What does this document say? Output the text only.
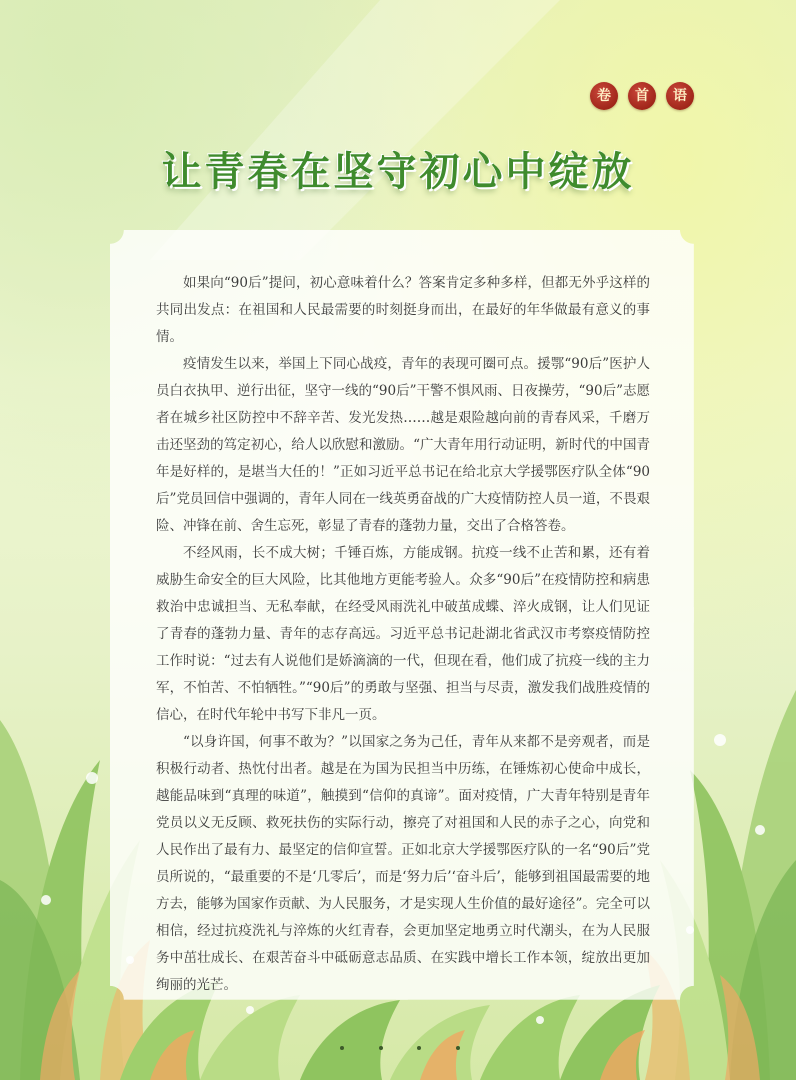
卷	首	语
让青春在坚守初心中绽放

如果向“90后”提问，初心意味着什么？答案肯定多种多样，但都无外乎这样的共同出发点：在祖国和人民最需要的时刻挺身而出，在最好的年华做最有意义的事情。

疫情发生以来，举国上下同心战疫，青年的表现可圈可点。援鄂“90后”医护人员白衣执甲、逆行出征，坚守一线的“90后”干警不惧风雨、日夜操劳，“90后”志愿者在城乡社区防控中不辞辛苦、发光发热……越是艰险越向前的青春风采，千磨万击还坚劲的笃定初心，给人以欣慰和激励。“广大青年用行动证明，新时代的中国青年是好样的，是堪当大任的！”正如习近平总书记在给北京大学援鄂医疗队全体“90后”党员回信中强调的，青年人同在一线英勇奋战的广大疫情防控人员一道，不畏艰险、冲锋在前、舍生忘死，彰显了青春的蓬勃力量，交出了合格答卷。

不经风雨，长不成大树；千锤百炼，方能成钢。抗疫一线不止苦和累，还有着威胁生命安全的巨大风险，比其他地方更能考验人。众多“90后”在疫情防控和病患救治中忠诚担当、无私奉献，在经受风雨洗礼中破茧成蝶、淬火成钢，让人们见证了青春的蓬勃力量、青年的志存高远。习近平总书记赴湖北省武汉市考察疫情防控工作时说：“过去有人说他们是娇滴滴的一代，但现在看，他们成了抗疫一线的主力军，不怕苦、不怕牺牲。”“90后”的勇敢与坚强、担当与尽责，激发我们战胜疫情的信心，在时代年轮中书写下非凡一页。

“以身许国，何事不敢为？”以国家之务为己任，青年从来都不是旁观者，而是积极行动者、热忱付出者。越是在为国为民担当中历练，在锤炼初心使命中成长，越能品味到“真理的味道”，触摸到“信仰的真谛”。面对疫情，广大青年特别是青年党员以义无反顾、救死扶伤的实际行动，擦亮了对祖国和人民的赤子之心，向党和人民作出了最有力、最坚定的信仰宣誓。正如北京大学援鄂医疗队的一名“90后”党员所说的，“最重要的不是‘几零后’，而是‘努力后’‘奋斗后’，能够到祖国最需要的地方去，能够为国家作贡献、为人民服务，才是实现人生价值的最好途径”。完全可以相信，经过抗疫洗礼与淬炼的火红青春，会更加坚定地勇立时代潮头，在为人民服务中茁壮成长、在艰苦奋斗中砥砺意志品质、在实践中增长工作本领，绽放出更加绚丽的光芒。
